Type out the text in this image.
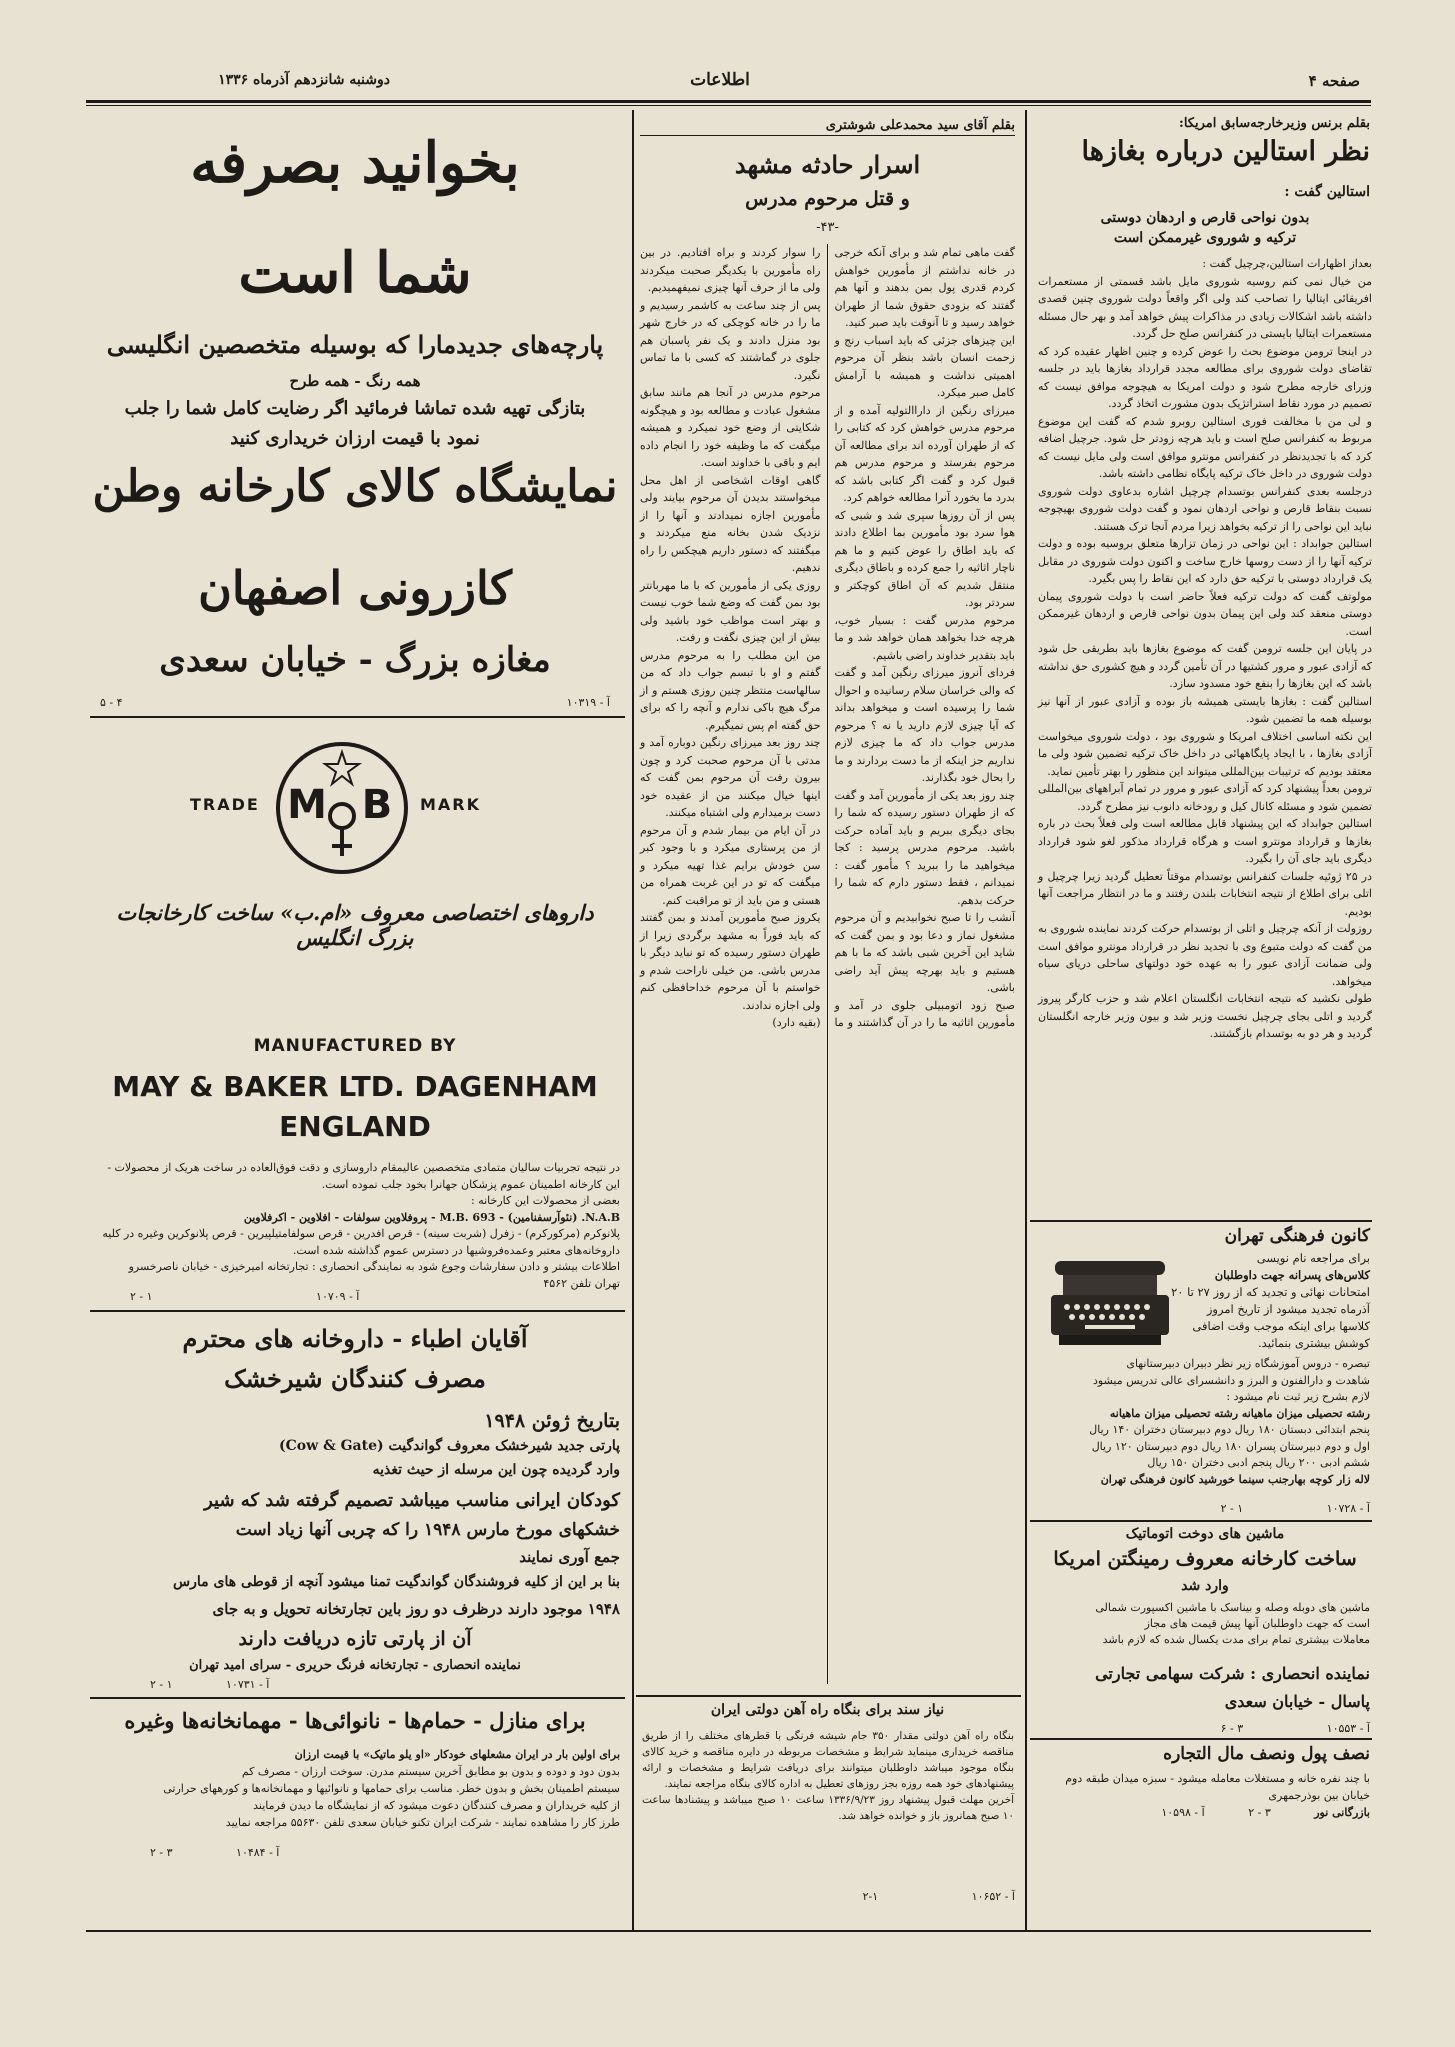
صفحه ۴
اطلاعات
دوشنبه شانزدهم آذرماه ۱۳۳۶
بقلم برنس وزیرخارجه‌سابق امریکا:
نظر استالین درباره بغازها
استالین گفت :
بدون نواحی قارص و اردهان دوستی
ترکیه و شوروی غیرممکن است
بعداز اظهارات استالین،چرچیل گفت :
من خیال نمی کنم روسیه شوروی مایل باشد قسمتی از مستعمرات افریقائی ایتالیا را تصاحب کند ولی اگر واقعاً دولت شوروی چنین قصدی داشته باشد اشکالات زیادی در مذاکرات پیش خواهد آمد و بهر حال مسئله مستعمرات ایتالیا بایستی در کنفرانس صلح حل گردد.
در اینجا ترومن موضوع بحث را عوض کرده و چنین اظهار عقیده کرد که تقاضای دولت شوروی برای مطالعه مجدد قرارداد بغازها باید در جلسه وزرای خارجه مطرح شود و دولت امریکا به هیچوجه موافق نیست که تصمیم در مورد نقاط استراتژیک بدون مشورت اتخاذ گردد.
و لی من با مخالفت فوری استالین روبرو شدم که گفت این موضوع مربوط به کنفرانس صلح است و باید هرچه زودتر حل شود. جرچیل اضافه کرد که با تجدیدنظر در کنفرانس مونترو موافق است ولی مایل نیست که دولت شوروی در داخل خاک ترکیه پایگاه نظامی داشته باشد.
درجلسه بعدی کنفرانس بوتسدام چرچیل اشاره بدعاوی دولت شوروی نسبت بنقاط قارص و نواحی اردهان نمود و گفت دولت شوروی بهیچوجه نباید این نواحی را از ترکیه بخواهد زیرا مردم آنجا ترک هستند.
استالین جوابداد : این نواحی در زمان تزارها متعلق بروسیه بوده و دولت ترکیه آنها را از دست روسها خارج ساخت و اکنون دولت شوروی در مقابل یک قرارداد دوستی با ترکیه حق دارد که این نقاط را پس بگیرد.
مولوتف گفت که دولت ترکیه فعلاً حاضر است با دولت شوروی پیمان دوستی منعقد کند ولی این پیمان بدون نواحی قارص و اردهان غیرممکن است.
در پایان این جلسه ترومن گفت که موضوع بغازها باید بطریقی حل شود که آزادی عبور و مرور کشتیها در آن تأمین گردد و هیچ کشوری حق نداشته باشد که این بغازها را بنفع خود مسدود سازد.
استالین گفت : بغازها بایستی همیشه باز بوده و آزادی عبور از آنها نیز بوسیله همه ما تضمین شود.
این نکته اساسی اختلاف امریکا و شوروی بود ، دولت شوروی میخواست آزادی بغازها ، با ایجاد پایگاههائی در داخل خاک ترکیه تضمین شود ولی ما معتقد بودیم که ترتیبات بین‌المللی میتواند این منظور را بهتر تأمین نماید.
ترومن بعداً پیشنهاد کرد که آزادی عبور و مرور در تمام آبراههای بین‌المللی تضمین شود و مسئله کانال کیل و رودخانه دانوب نیز مطرح گردد.
استالین جوابداد که این پیشنهاد قابل مطالعه است ولی فعلاً بحث در باره بغازها و قرارداد مونترو است و هرگاه قرارداد مذکور لغو شود قرارداد دیگری باید جای آن را بگیرد.
در ۲۵ ژوئیه جلسات کنفرانس بوتسدام موقتاً تعطیل گردید زیرا چرچیل و اتلی برای اطلاع از نتیجه انتخابات بلندن رفتند و ما در انتظار مراجعت آنها بودیم.
روزولت از آنکه چرچیل و اتلی از بوتسدام حرکت کردند نماینده شوروی به من گفت که دولت متبوع وی با تجدید نظر در قرارداد مونترو موافق است ولی ضمانت آزادی عبور را به عهده خود دولتهای ساحلی دریای سیاه میخواهد.
طولی نکشید که نتیجه انتخابات انگلستان اعلام شد و حزب کارگر پیروز گردید و اتلی بجای چرچیل نخست وزیر شد و بیون وزیر خارجه انگلستان گردید و هر دو به بوتسدام بازگشتند.
کانون فرهنگی تهران
برای مراجعه نام نویسی
کلاس‌های پسرانه جهت داوطلبان
امتحانات نهائی و تجدید که از روز ۲۷ تا ۲۰
آذرماه تجدید میشود از تاریخ امروز
کلاسها برای اینکه موجب وقت اضافی
کوشش بیشتری بنمائید.
تبصره - دروس آموزشگاه زیر نظر دبیران دبیرستانهای
شاهدت و دارالفنون و البرز و دانشسرای عالی تدریس میشود
لازم بشرح زیر ثبت نام میشود :
رشته تحصیلی میزان ماهیانه رشته تحصیلی میزان ماهیانه
پنجم ابتدائی دبستان ۱۸۰ ریال دوم دبیرستان دختران ۱۴۰ ریال
اول و دوم دبیرستان پسران ۱۸۰ ریال دوم دبیرستان ۱۲۰ ریال
ششم ادبی ۲۰۰ ریال پنجم ادبی دختران ۱۵۰ ریال
لاله زار کوچه بهارجنب سینما خورشید کانون فرهنگی تهران
آ - ۱۰۷۲۸ ۱ - ۲
ماشین های دوخت اتوماتیک
ساخت کارخانه معروف رمینگتن امریکا
وارد شد
ماشین های دوبله وصله و بیناسک با ماشین اکسپورت شمالی
است که جهت داوطلبان آنها پیش قیمت های مجاز
معاملات بیشتری تمام برای مدت یکسال شده که لازم باشد
نماینده انحصاری : شرکت سهامی تجارتی
پاسال - خیابان سعدی
آ - ۱۰۵۵۳ ۳ - ۶
نصف پول ونصف مال التجاره
با چند نفره خانه و مستغلات معامله میشود - سبزه میدان طبقه دوم
خیابان بین بوذرجمهری
بازرگانی نور ۳ - ۲ آ - ۱۰۵۹۸
بقلم آقای سید محمدعلی شوشتری
اسرار حادثه مشهد
و قتل مرحوم مدرس
-۴۳-
گفت ماهی تمام شد و برای آنکه خرجی در خانه نداشتم از مأمورین خواهش کردم قدری پول بمن بدهند و آنها هم گفتند که بزودی حقوق شما از طهران خواهد رسید و تا آنوقت باید صبر کنید.
این چیزهای جزئی که باید اسباب رنج و زحمت انسان باشد بنظر آن مرحوم اهمیتی نداشت و همیشه با آرامش کامل صبر میکرد.
میرزای رنگین از داراالتولیه آمده و از مرحوم مدرس خواهش کرد که کتابی را که از طهران آورده اند برای مطالعه آن مرحوم بفرستد و مرحوم مدرس هم قبول کرد و گفت اگر کتابی باشد که بدرد ما بخورد آنرا مطالعه خواهم کرد.
پس از آن روزها سپری شد و شبی که هوا سرد بود مأمورین بما اطلاع دادند که باید اطاق را عوض کنیم و ما هم ناچار اثاثیه را جمع کرده و باطاق دیگری منتقل شدیم که آن اطاق کوچکتر و سردتر بود.
مرحوم مدرس گفت : بسیار خوب، هرچه خدا بخواهد همان خواهد شد و ما باید بتقدیر خداوند راضی باشیم.
فردای آنروز میرزای رنگین آمد و گفت که والی خراسان سلام رسانیده و احوال شما را پرسیده است و میخواهد بداند که آیا چیزی لازم دارید یا نه ؟ مرحوم مدرس جواب داد که ما چیزی لازم نداریم جز اینکه از ما دست بردارند و ما را بحال خود بگذارند.
چند روز بعد یکی از مأمورین آمد و گفت که از طهران دستور رسیده که شما را بجای دیگری ببریم و باید آماده حرکت باشید. مرحوم مدرس پرسید : کجا میخواهید ما را ببرید ؟ مأمور گفت : نمیدانم ، فقط دستور دارم که شما را حرکت بدهم.
آنشب را تا صبح نخوابیدیم و آن مرحوم مشغول نماز و دعا بود و بمن گفت که شاید این آخرین شبی باشد که ما با هم هستیم و باید بهرچه پیش آید راضی باشی.
صبح زود اتومبیلی جلوی در آمد و مأمورین اثاثیه ما را در آن گذاشتند و ما را سوار کردند و براه افتادیم. در بین راه مأمورین با یکدیگر صحبت میکردند ولی ما از حرف آنها چیزی نمیفهمیدیم.
پس از چند ساعت به کاشمر رسیدیم و ما را در خانه کوچکی که در خارج شهر بود منزل دادند و یک نفر پاسبان هم جلوی در گماشتند که کسی با ما تماس نگیرد.
مرحوم مدرس در آنجا هم مانند سابق مشغول عبادت و مطالعه بود و هیچگونه شکایتی از وضع خود نمیکرد و همیشه میگفت که ما وظیفه خود را انجام داده ایم و باقی با خداوند است.
گاهی اوقات اشخاصی از اهل محل میخواستند بدیدن آن مرحوم بیایند ولی مأمورین اجازه نمیدادند و آنها را از نزدیک شدن بخانه منع میکردند و میگفتند که دستور داریم هیچکس را راه ندهیم.
روزی یکی از مأمورین که با ما مهربانتر بود بمن گفت که وضع شما خوب نیست و بهتر است مواظب خود باشید ولی بیش از این چیزی نگفت و رفت.
من این مطلب را به مرحوم مدرس گفتم و او با تبسم جواب داد که من سالهاست منتظر چنین روزی هستم و از مرگ هیچ باکی ندارم و آنچه را که برای حق گفته ام پس نمیگیرم.
چند روز بعد میرزای رنگین دوباره آمد و مدتی با آن مرحوم صحبت کرد و چون بیرون رفت آن مرحوم بمن گفت که اینها خیال میکنند من از عقیده خود دست برمیدارم ولی اشتباه میکنند.
در آن ایام من بیمار شدم و آن مرحوم از من پرستاری میکرد و با وجود کبر سن خودش برایم غذا تهیه میکرد و میگفت که تو در این غربت همراه من هستی و من باید از تو مراقبت کنم.
یکروز صبح مأمورین آمدند و بمن گفتند که باید فوراً به مشهد برگردی زیرا از طهران دستور رسیده که تو نباید دیگر با مدرس باشی. من خیلی ناراحت شدم و خواستم با آن مرحوم خداحافظی کنم ولی اجازه ندادند.
(بقیه دارد)
نیاز سند برای بنگاه راه آهن دولتی ایران
بنگاه راه آهن دولتی مقدار ۳۵۰ جام شیشه فرنگی با قطرهای مختلف را از طریق مناقصه خریداری مینماید شرایط و مشخصات مربوطه در دایره مناقصه و خرید کالای بنگاه موجود میباشد داوطلبان میتوانند برای دریافت شرایط و مشخصات و ارائه پیشنهادهای خود همه روزه بجز روزهای تعطیل به اداره کالای بنگاه مراجعه نمایند.
آخرین مهلت قبول پیشنهاد روز ۱۳۳۶/۹/۲۳ ساعت ۱۰ صبح میباشد و پیشنادها ساعت ۱۰ صبح همانروز باز و خوانده خواهد شد.
آ - ۱۰۶۵۲ ۱-۲
بخوانید بصرفه
شما است
پارچه‌های جدیدمارا که بوسیله متخصصین انگلیسی
همه رنگ - همه طرح
بتازگی تهیه شده تماشا فرمائید اگر رضایت کامل شما را جلب
نمود با قیمت ارزان خریداری کنید
نمایشگاه کالای کارخانه وطن
کازرونی اصفهان
مغازه بزرگ - خیابان سعدی
۵ - ۴	آ - ۱۰۳۱۹
TRADE	MARK
M B
داروهای اختصاصی معروف «ام.ب» ساخت کارخانجات بزرگ انگلیس
MANUFACTURED BY
MAY & BAKER LTD. DAGENHAM
ENGLAND
در نتیجه تجربیات سالیان متمادی متخصصین عالیمقام داروسازی و دقت فوق‌العاده در ساخت هریک از محصولات - این کارخانه اطمینان عموم پزشکان جهانرا بخود جلب نموده است.
بعضی از محصولات این کارخانه :
N.A.B. (نئوآرسفنامین) - M.B. 693 - پروفلاوین سولفات - افلاوین - اکرفلاوین
پلانوکرم (مرکورکرم) - زفرل (شربت سینه) - قرص افدرین - قرص سولفامتیلپیرین - قرص پلانوکرین وغیره در کلیه داروخانه‌های معتبر وعمده‌فروشیها در دسترس عموم گذاشته شده است.
اطلاعات بیشتر و دادن سفارشات وجوع شود به نمایندگی انحصاری : تجارتخانه امیرخیزی - خیابان ناصرخسرو
تهران تلفن ۴۵۶۲
۲ - ۱	آ - ۱۰۷۰۹
آقایان اطباء - داروخانه های محترم
مصرف کنندگان شیرخشک
بتاریخ ژوئن ۱۹۴۸
پارتی جدید شیرخشک معروف گواندگیت (Cow & Gate)
وارد گردیده چون این مرسله از حیث تغذیه
کودکان ایرانی مناسب میباشد تصمیم گرفته شد که شیر
خشکهای مورخ مارس ۱۹۴۸ را که چربی آنها زیاد است
جمع آوری نمایند
بنا بر این از کلیه فروشندگان گواندگیت تمنا میشود آنچه از قوطی های مارس
۱۹۴۸ موجود دارند درظرف دو روز باین تجارتخانه تحویل و به جای
آن از پارتی تازه دریافت دارند
نماینده انحصاری - تجارتخانه فرنگ حریری - سرای امید تهران
۲ - ۱	آ - ۱۰۷۳۱
برای منازل - حمام‌ها - نانوائی‌ها - مهمانخانه‌ها وغیره
برای اولین بار در ایران مشعلهای خودکار «او یلو ماتیک» با قیمت ارزان
بدون دود و دوده و بدون بو مطابق آخرین سیستم مدرن. سوخت ارزان - مصرف کم
سیستم اطمینان بخش و بدون خطر. مناسب برای حمامها و نانوائیها و مهمانخانه‌ها و کورههای حرارتی
از کلیه خریداران و مصرف کنندگان دعوت میشود که از نمایشگاه ما دیدن فرمایند
طرز کار را مشاهده نمایند - شرکت ایران تکنو خیابان سعدی تلفن ۵۵۶۳۰ مراجعه نمایید
۲ - ۳	آ - ۱۰۴۸۴
